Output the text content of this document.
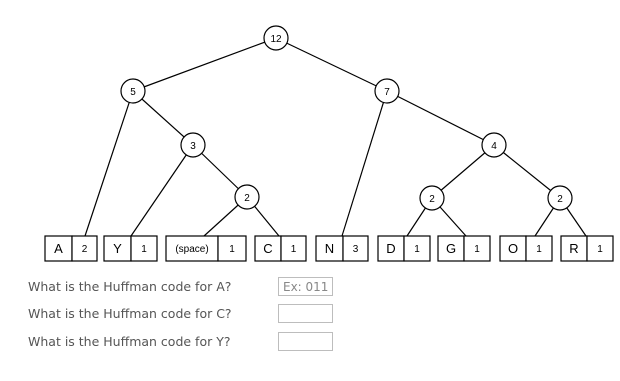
12
5	7
3
2
4
2	2
A 2 Y 1	(space) 1 C 1 N 3 D 1 G 1 O 1 R 1
What is the Huffman code for A?
Ex: 011
What is the Huffman code for C?
What is the Huffman code for Y?
